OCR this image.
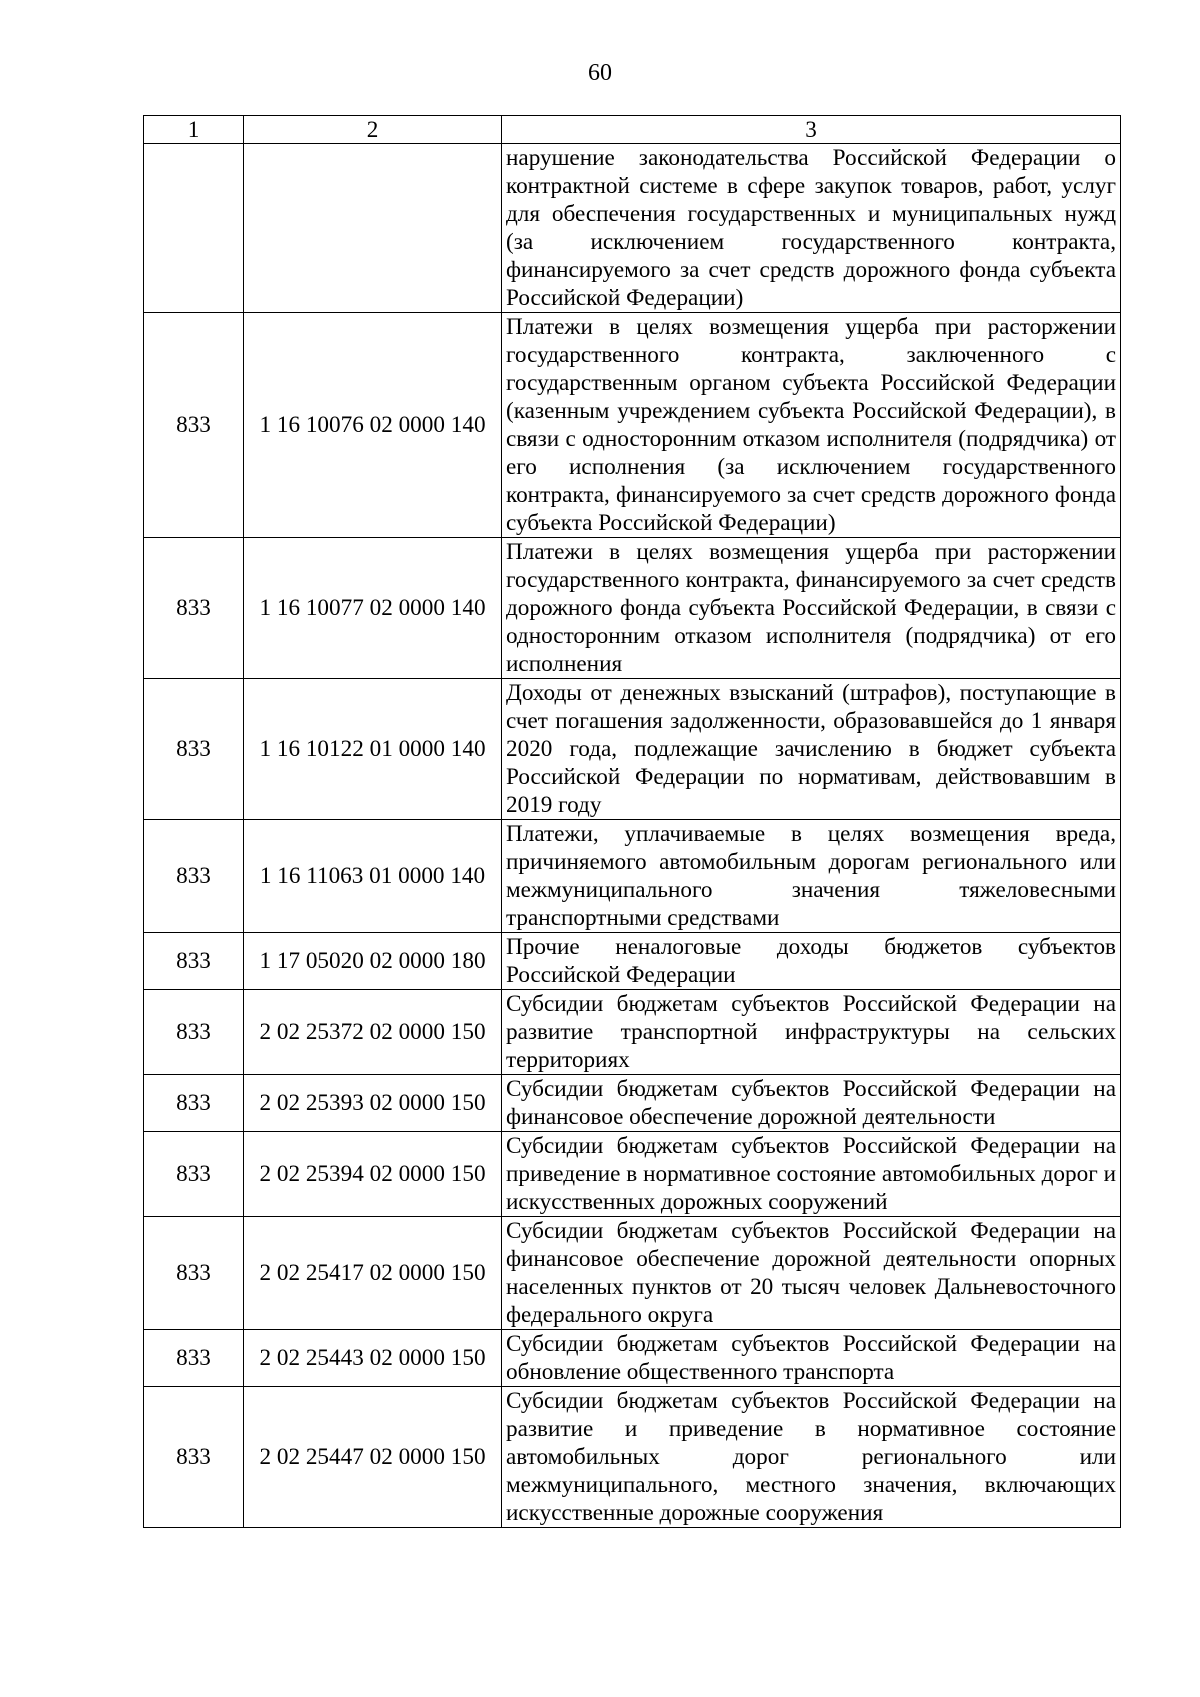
60
1	2	3
		нарушение законодательства Российской Федерации о контрактной системе в сфере закупок товаров, работ, услуг для обеспечения государственных и муниципальных нужд (за исключением государственного контракта, финансируемого за счет средств дорожного фонда субъекта Российской Федерации)
833	1 16 10076 02 0000 140	Платежи в целях возмещения ущерба при расторжении государственного контракта, заключенного с государственным органом субъекта Российской Федерации (казенным учреждением субъекта Российской Федерации), в связи с односторонним отказом исполнителя (подрядчика) от его исполнения (за исключением государственного контракта, финансируемого за счет средств дорожного фонда субъекта Российской Федерации)
833	1 16 10077 02 0000 140	Платежи в целях возмещения ущерба при расторжении государственного контракта, финансируемого за счет средств дорожного фонда субъекта Российской Федерации, в связи с односторонним отказом исполнителя (подрядчика) от его исполнения
833	1 16 10122 01 0000 140	Доходы от денежных взысканий (штрафов), поступающие в счет погашения задолженности, образовавшейся до 1 января 2020 года, подлежащие зачислению в бюджет субъекта Российской Федерации по нормативам, действовавшим в 2019 году
833	1 16 11063 01 0000 140	Платежи, уплачиваемые в целях возмещения вреда, причиняемого автомобильным дорогам регионального или межмуниципального значения тяжеловесными транспортными средствами
833	1 17 05020 02 0000 180	Прочие неналоговые доходы бюджетов субъектов Российской Федерации
833	2 02 25372 02 0000 150	Субсидии бюджетам субъектов Российской Федерации на развитие транспортной инфраструктуры на сельских территориях
833	2 02 25393 02 0000 150	Субсидии бюджетам субъектов Российской Федерации на финансовое обеспечение дорожной деятельности
833	2 02 25394 02 0000 150	Субсидии бюджетам субъектов Российской Федерации на приведение в нормативное состояние автомобильных дорог и искусственных дорожных сооружений
833	2 02 25417 02 0000 150	Субсидии бюджетам субъектов Российской Федерации на финансовое обеспечение дорожной деятельности опорных населенных пунктов от 20 тысяч человек Дальневосточного федерального округа
833	2 02 25443 02 0000 150	Субсидии бюджетам субъектов Российской Федерации на обновление общественного транспорта
833	2 02 25447 02 0000 150	Субсидии бюджетам субъектов Российской Федерации на развитие и приведение в нормативное состояние автомобильных дорог регионального или межмуниципального, местного значения, включающих искусственные дорожные сооружения
